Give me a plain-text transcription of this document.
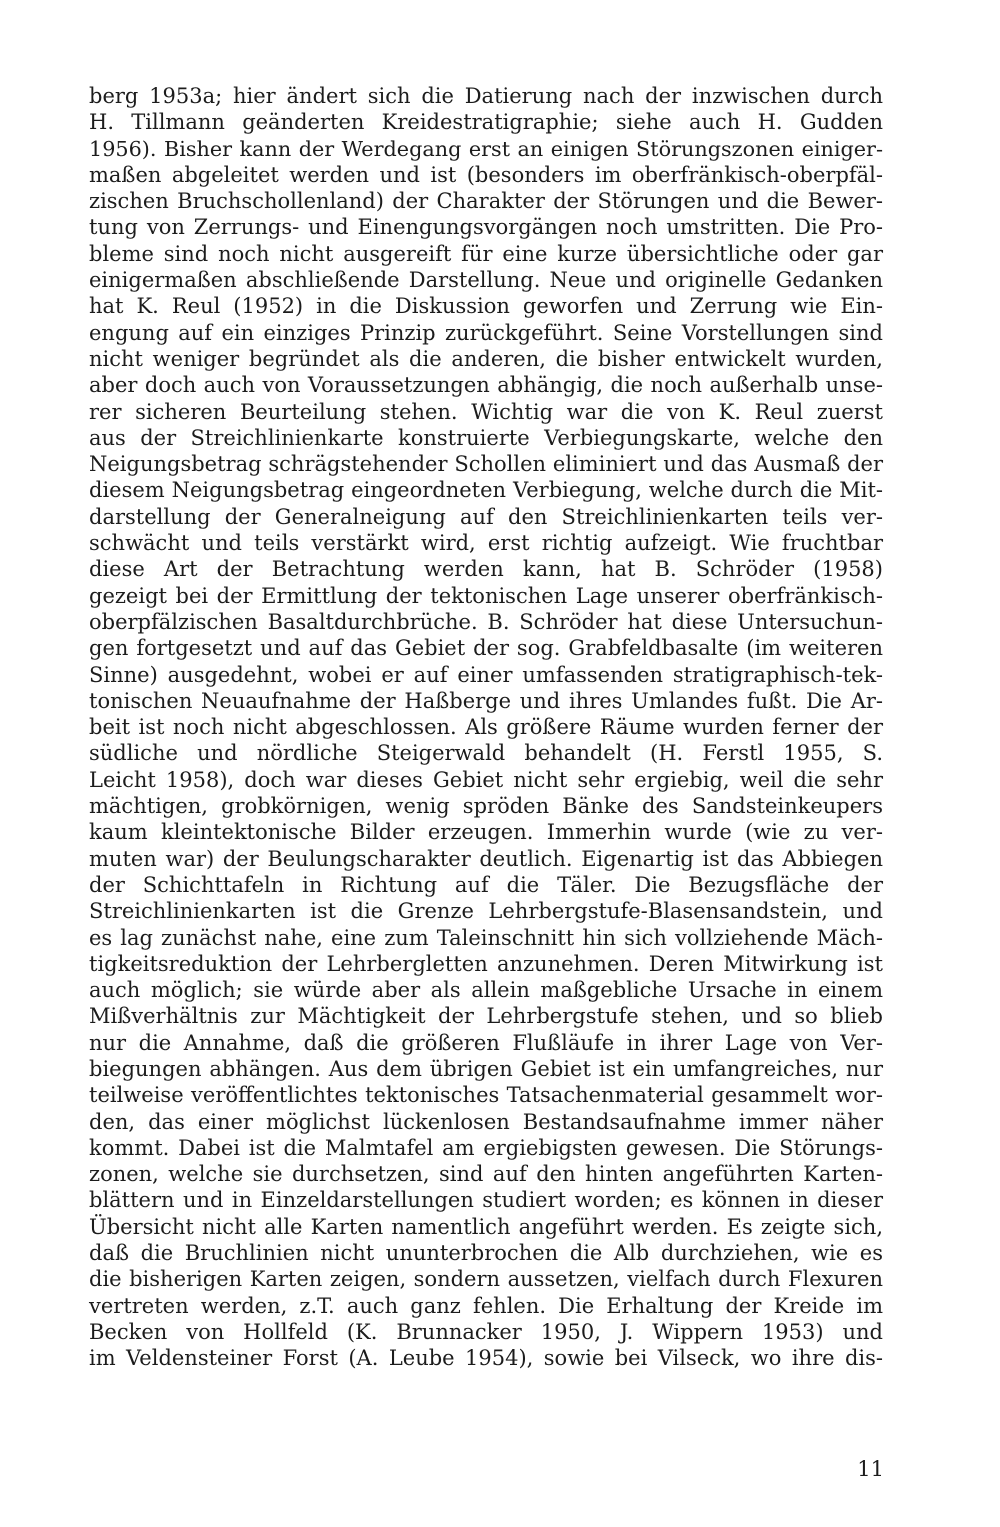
berg 1953a; hier ändert sich die Datierung nach der inzwischen durch
H. Tillmann geänderten Kreidestratigraphie; siehe auch H. Gudden
1956). Bisher kann der Werdegang erst an einigen Störungszonen einiger-
maßen abgeleitet werden und ist (besonders im oberfränkisch-oberpfäl-
zischen Bruchschollenland) der Charakter der Störungen und die Bewer-
tung von Zerrungs- und Einengungsvorgängen noch umstritten. Die Pro-
bleme sind noch nicht ausgereift für eine kurze übersichtliche oder gar
einigermaßen abschließende Darstellung. Neue und originelle Gedanken
hat K. Reul (1952) in die Diskussion geworfen und Zerrung wie Ein-
engung auf ein einziges Prinzip zurückgeführt. Seine Vorstellungen sind
nicht weniger begründet als die anderen, die bisher entwickelt wurden,
aber doch auch von Voraussetzungen abhängig, die noch außerhalb unse-
rer sicheren Beurteilung stehen. Wichtig war die von K. Reul zuerst
aus der Streichlinienkarte konstruierte Verbiegungskarte, welche den
Neigungsbetrag schrägstehender Schollen eliminiert und das Ausmaß der
diesem Neigungsbetrag eingeordneten Verbiegung, welche durch die Mit-
darstellung der Generalneigung auf den Streichlinienkarten teils ver-
schwächt und teils verstärkt wird, erst richtig aufzeigt. Wie fruchtbar
diese Art der Betrachtung werden kann, hat B. Schröder (1958)
gezeigt bei der Ermittlung der tektonischen Lage unserer oberfränkisch-
oberpfälzischen Basaltdurchbrüche. B. Schröder hat diese Untersuchun-
gen fortgesetzt und auf das Gebiet der sog. Grabfeldbasalte (im weiteren
Sinne) ausgedehnt, wobei er auf einer umfassenden stratigraphisch-tek-
tonischen Neuaufnahme der Haßberge und ihres Umlandes fußt. Die Ar-
beit ist noch nicht abgeschlossen. Als größere Räume wurden ferner der
südliche und nördliche Steigerwald behandelt (H. Ferstl 1955, S.
Leicht 1958), doch war dieses Gebiet nicht sehr ergiebig, weil die sehr
mächtigen, grobkörnigen, wenig spröden Bänke des Sandsteinkeupers
kaum kleintektonische Bilder erzeugen. Immerhin wurde (wie zu ver-
muten war) der Beulungscharakter deutlich. Eigenartig ist das Abbiegen
der Schichttafeln in Richtung auf die Täler. Die Bezugsfläche der
Streichlinienkarten ist die Grenze Lehrbergstufe-Blasensandstein, und
es lag zunächst nahe, eine zum Taleinschnitt hin sich vollziehende Mäch-
tigkeitsreduktion der Lehrbergletten anzunehmen. Deren Mitwirkung ist
auch möglich; sie würde aber als allein maßgebliche Ursache in einem
Mißverhältnis zur Mächtigkeit der Lehrbergstufe stehen, und so blieb
nur die Annahme, daß die größeren Flußläufe in ihrer Lage von Ver-
biegungen abhängen. Aus dem übrigen Gebiet ist ein umfangreiches, nur
teilweise veröffentlichtes tektonisches Tatsachenmaterial gesammelt wor-
den, das einer möglichst lückenlosen Bestandsaufnahme immer näher
kommt. Dabei ist die Malmtafel am ergiebigsten gewesen. Die Störungs-
zonen, welche sie durchsetzen, sind auf den hinten angeführten Karten-
blättern und in Einzeldarstellungen studiert worden; es können in dieser
Übersicht nicht alle Karten namentlich angeführt werden. Es zeigte sich,
daß die Bruchlinien nicht ununterbrochen die Alb durchziehen, wie es
die bisherigen Karten zeigen, sondern aussetzen, vielfach durch Flexuren
vertreten werden, z.T. auch ganz fehlen. Die Erhaltung der Kreide im
Becken von Hollfeld (K. Brunnacker 1950, J. Wippern 1953) und
im Veldensteiner Forst (A. Leube 1954), sowie bei Vilseck, wo ihre dis-
11
